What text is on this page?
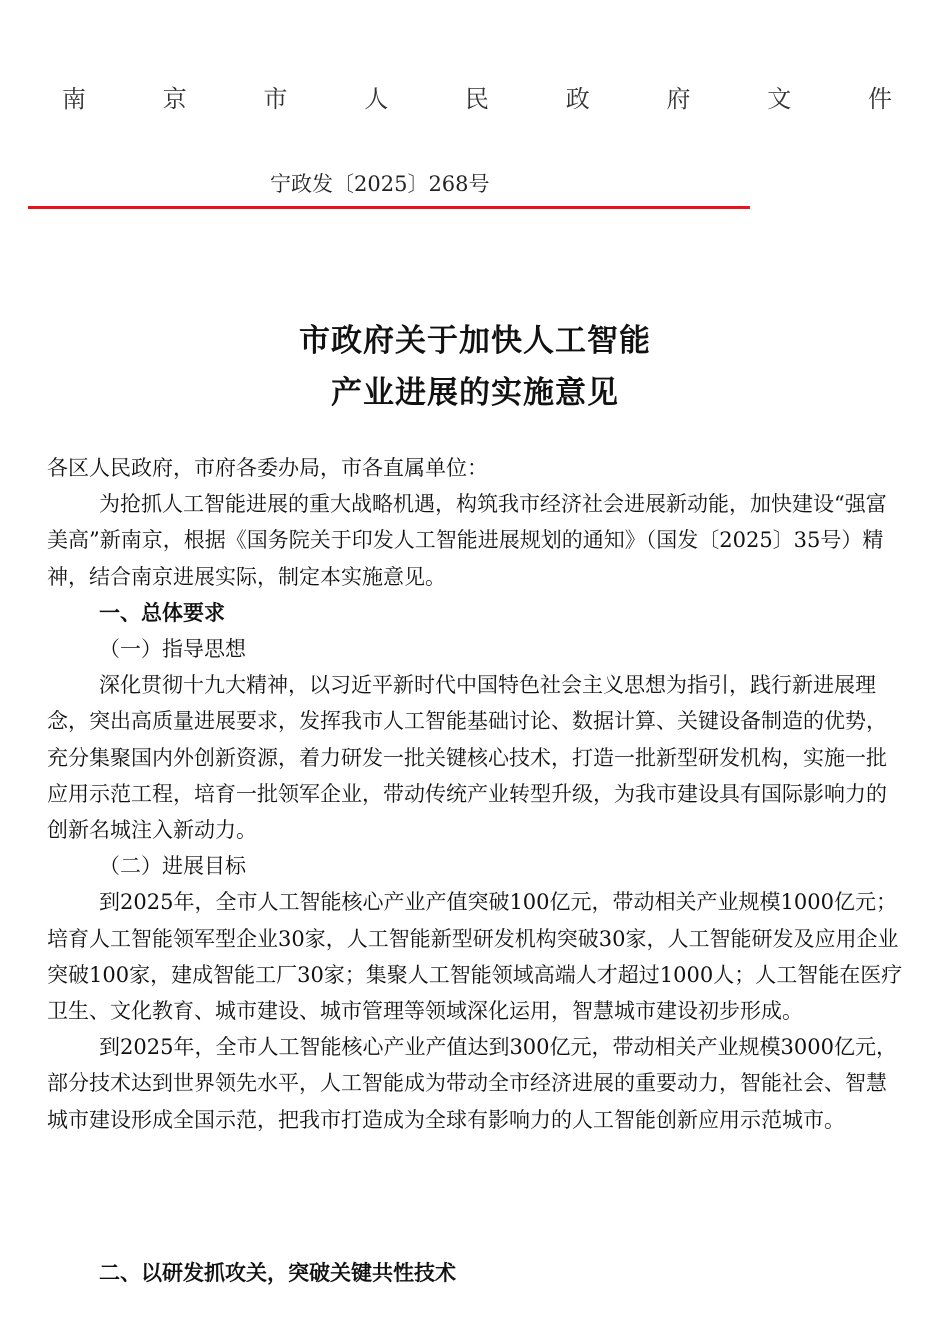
南	京	市	人	民	政	府	文	件
宁政发〔2025〕268号
市政府关于加快人工智能
产业进展的实施意见

各区人民政府，市府各委办局，市各直属单位：

为抢抓人工智能进展的重大战略机遇，构筑我市经济社会进展新动能，加快建设“强富美高”新南京，根据《国务院关于印发人工智能进展规划的通知》（国发〔2025〕35号）精神，结合南京进展实际，制定本实施意见。

一、总体要求

（一）指导思想

深化贯彻十九大精神，以习近平新时代中国特色社会主义思想为指引，践行新进展理念，突出高质量进展要求，发挥我市人工智能基础讨论、数据计算、关键设备制造的优势，充分集聚国内外创新资源，着力研发一批关键核心技术，打造一批新型研发机构，实施一批应用示范工程，培育一批领军企业，带动传统产业转型升级，为我市建设具有国际影响力的创新名城注入新动力。

（二）进展目标

到2025年，全市人工智能核心产业产值突破100亿元，带动相关产业规模1000亿元；培育人工智能领军型企业30家，人工智能新型研发机构突破30家，人工智能研发及应用企业突破100家，建成智能工厂30家；集聚人工智能领域高端人才超过1000人；人工智能在医疗卫生、文化教育、城市建设、城市管理等领域深化运用，智慧城市建设初步形成。

到2025年，全市人工智能核心产业产值达到300亿元，带动相关产业规模3000亿元，部分技术达到世界领先水平，人工智能成为带动全市经济进展的重要动力，智能社会、智慧城市建设形成全国示范，把我市打造成为全球有影响力的人工智能创新应用示范城市。

二、以研发抓攻关，突破关键共性技术
